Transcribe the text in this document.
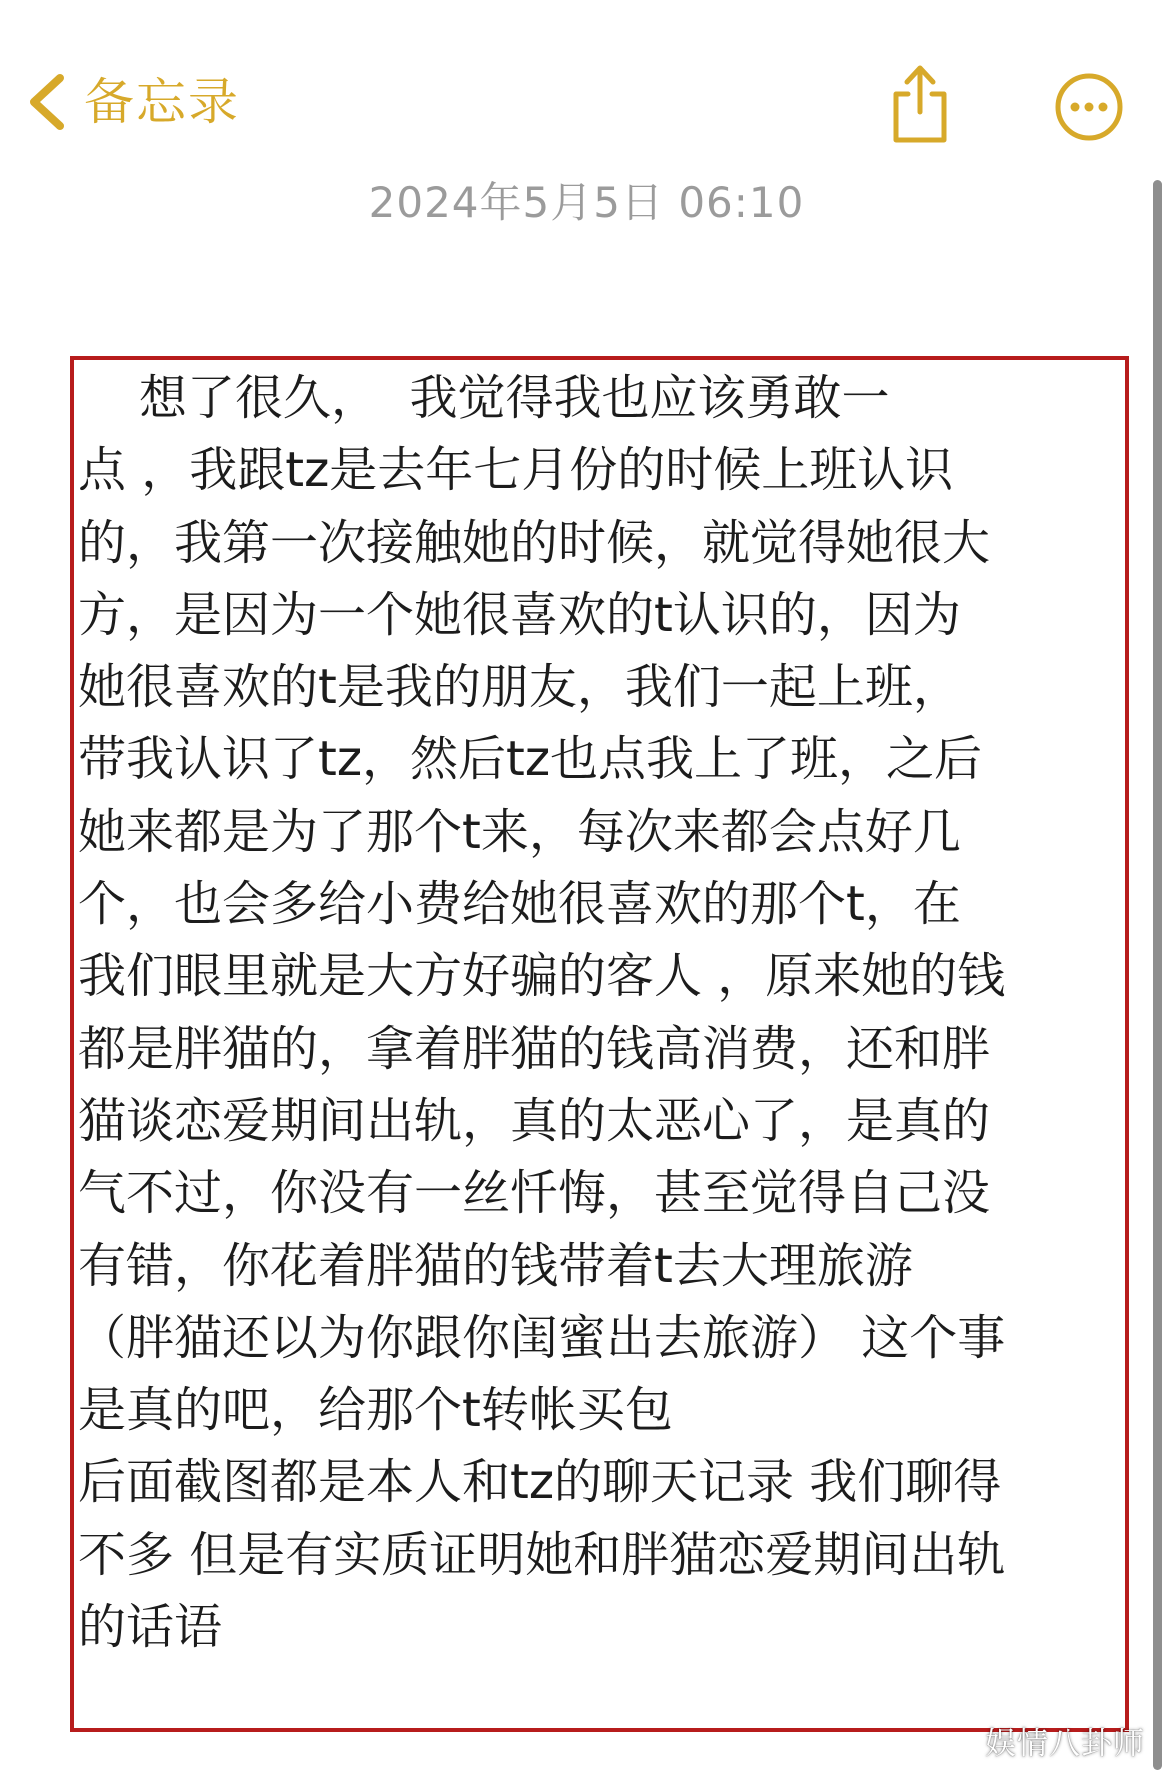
备忘录
2024年5月5日 06:10
想了很久，  我觉得我也应该勇敢一
点 ，我跟tz是去年七月份的时候上班认识
的，我第一次接触她的时候，就觉得她很大
方，是因为一个她很喜欢的t认识的，因为
她很喜欢的t是我的朋友，我们一起上班，
带我认识了tz，然后tz也点我上了班，之后
她来都是为了那个t来，每次来都会点好几
个，也会多给小费给她很喜欢的那个t，在
我们眼里就是大方好骗的客人 ，原来她的钱
都是胖猫的，拿着胖猫的钱高消费，还和胖
猫谈恋爱期间出轨，真的太恶心了，是真的
气不过，你没有一丝忏悔，甚至觉得自己没
有错，你花着胖猫的钱带着t去大理旅游
（胖猫还以为你跟你闺蜜出去旅游） 这个事
是真的吧，给那个t转帐买包
后面截图都是本人和tz的聊天记录 我们聊得
不多 但是有实质证明她和胖猫恋爱期间出轨
的话语
娱情八卦师
